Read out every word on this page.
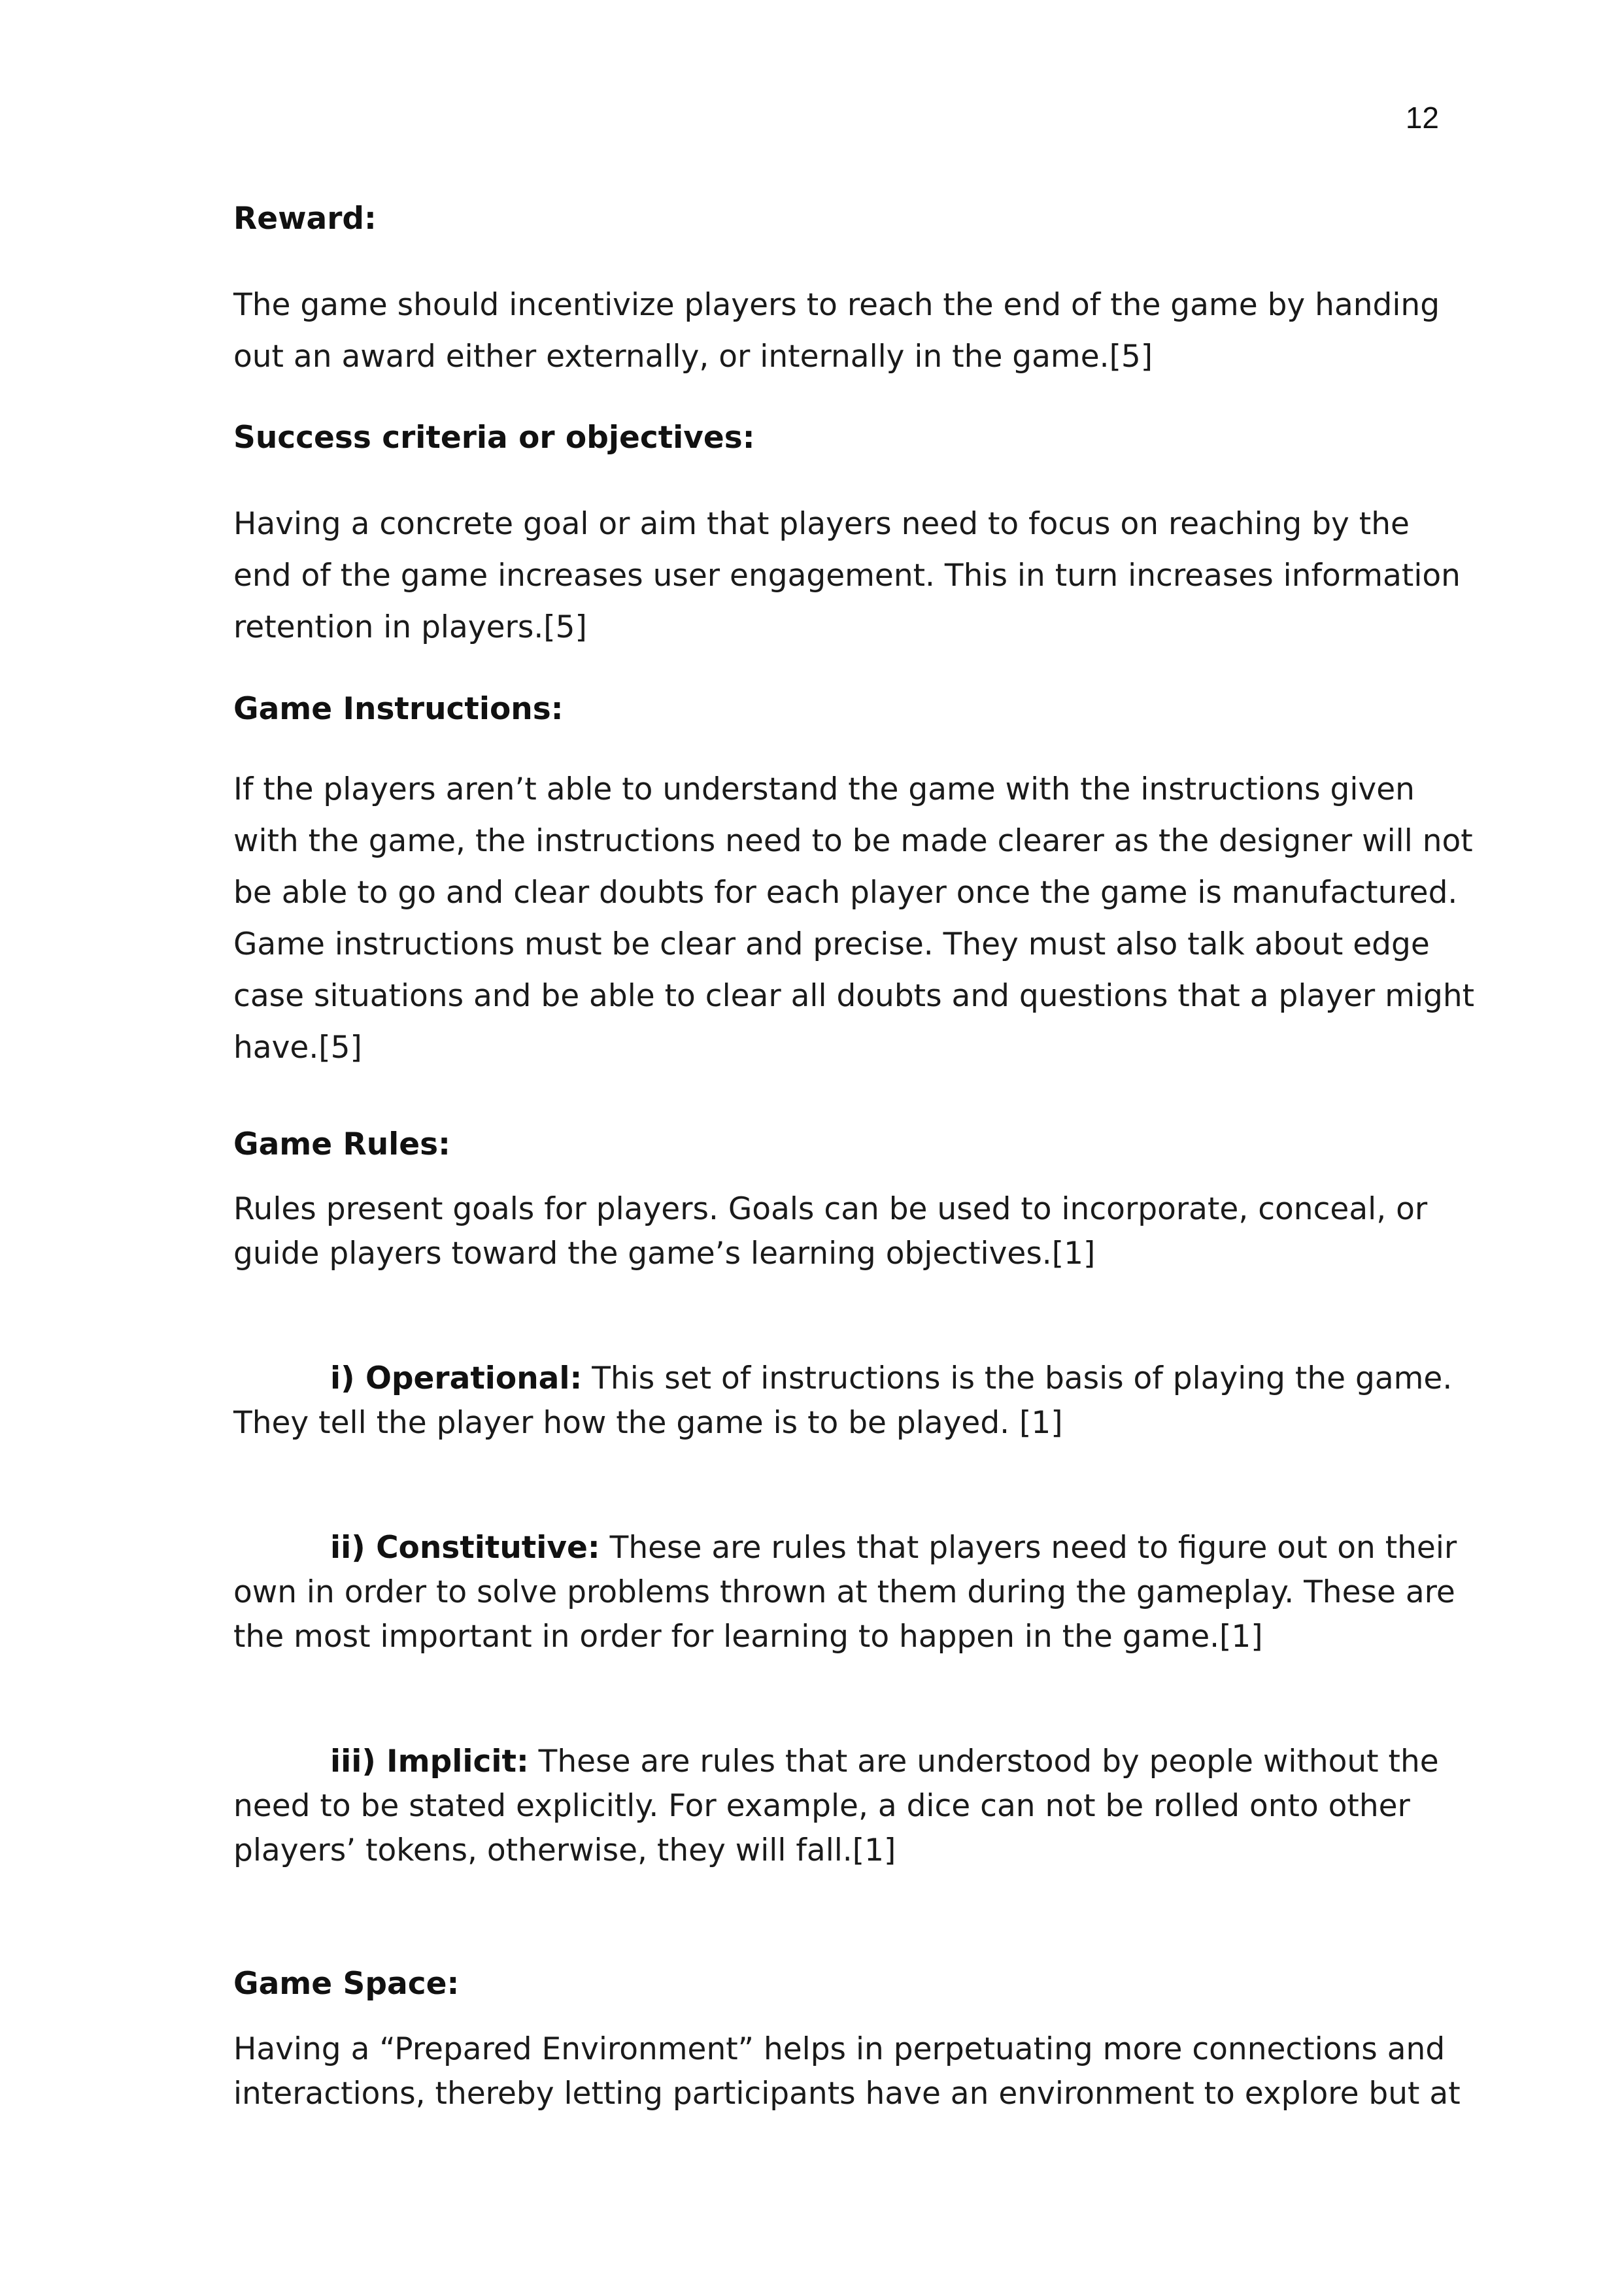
12
Reward:

The game should incentivize players to reach the end of the game by handing out an award either externally, or internally in the game.[5]

Success criteria or objectives:

Having a concrete goal or aim that players need to focus on reaching by the end of the game increases user engagement. This in turn increases information retention in players.[5]

Game Instructions:

If the players aren’t able to understand the game with the instructions given with the game, the instructions need to be made clearer as the designer will not be able to go and clear doubts for each player once the game is manufactured. Game instructions must be clear and precise. They must also talk about edge case situations and be able to clear all doubts and questions that a player might have.[5]

Game Rules:

Rules present goals for players. Goals can be used to incorporate, conceal, or guide players toward the game’s learning objectives.[1]

i) Operational: This set of instructions is the basis of playing the game. They tell the player how the game is to be played. [1]

ii) Constitutive: These are rules that players need to figure out on their own in order to solve problems thrown at them during the gameplay. These are the most important in order for learning to happen in the game.[1]

iii) Implicit: These are rules that are understood by people without the need to be stated explicitly. For example, a dice can not be rolled onto other players’ tokens, otherwise, they will fall.[1]

Game Space:

Having a “Prepared Environment” helps in perpetuating more connections and interactions, thereby letting participants have an environment to explore but at
